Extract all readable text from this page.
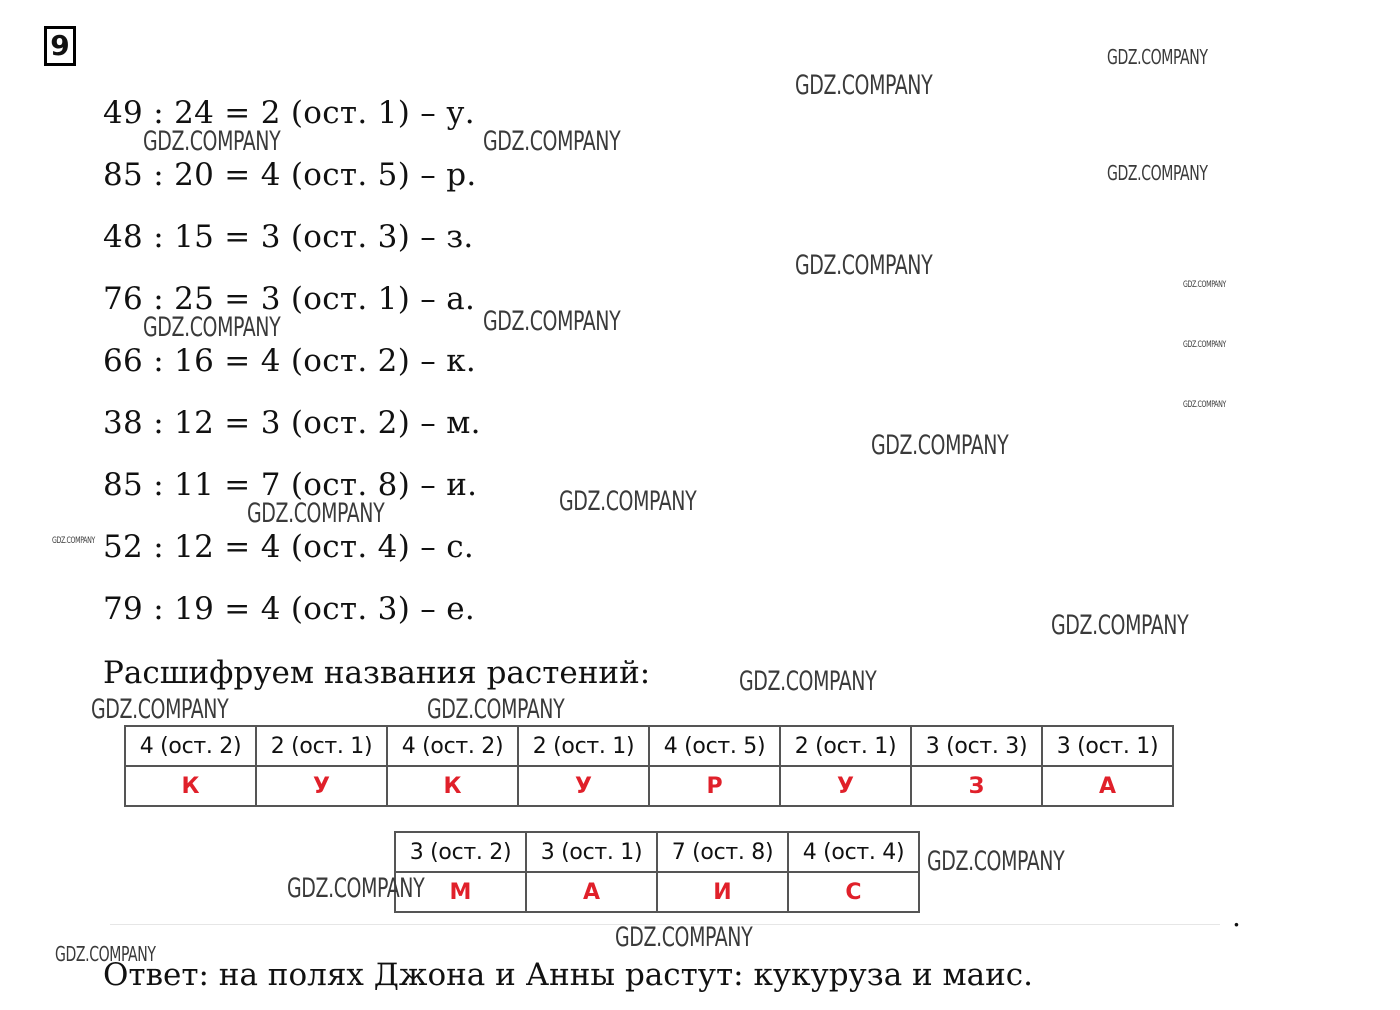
9
49 : 24 = 2 (ост. 1) – у.
85 : 20 = 4 (ост. 5) – р.
48 : 15 = 3 (ост. 3) – з.
76 : 25 = 3 (ост. 1) – а.
66 : 16 = 4 (ост. 2) – к.
38 : 12 = 3 (ост. 2) – м.
85 : 11 = 7 (ост. 8) – и.
52 : 12 = 4 (ост. 4) – с.
79 : 19 = 4 (ост. 3) – е.
Расшифруем названия растений:
4 (ост. 2)	2 (ост. 1)	4 (ост. 2)	2 (ост. 1)	4 (ост. 5)	2 (ост. 1)	3 (ост. 3)	3 (ост. 1)
К	У	К	У	Р	У	З	А
3 (ост. 2)	3 (ост. 1)	7 (ост. 8)	4 (ост. 4)
М	А	И	С
.
Ответ: на полях Джона и Анны растут: кукуруза и маис.
GDZ.COMPANY
GDZ.COMPANY
GDZ.COMPANY	GDZ.COMPANY
GDZ.COMPANY
GDZ.COMPANY
GDZ.COMPANY
GDZ.COMPANY	GDZ.COMPANY
GDZ.COMPANY
GDZ.COMPANY
GDZ.COMPANY
GDZ.COMPANY
GDZ.COMPANY
GDZ.COMPANY
GDZ.COMPANY
GDZ.COMPANY
GDZ.COMPANY	GDZ.COMPANY
GDZ.COMPANY
GDZ.COMPANY
GDZ.COMPANY
GDZ.COMPANY
